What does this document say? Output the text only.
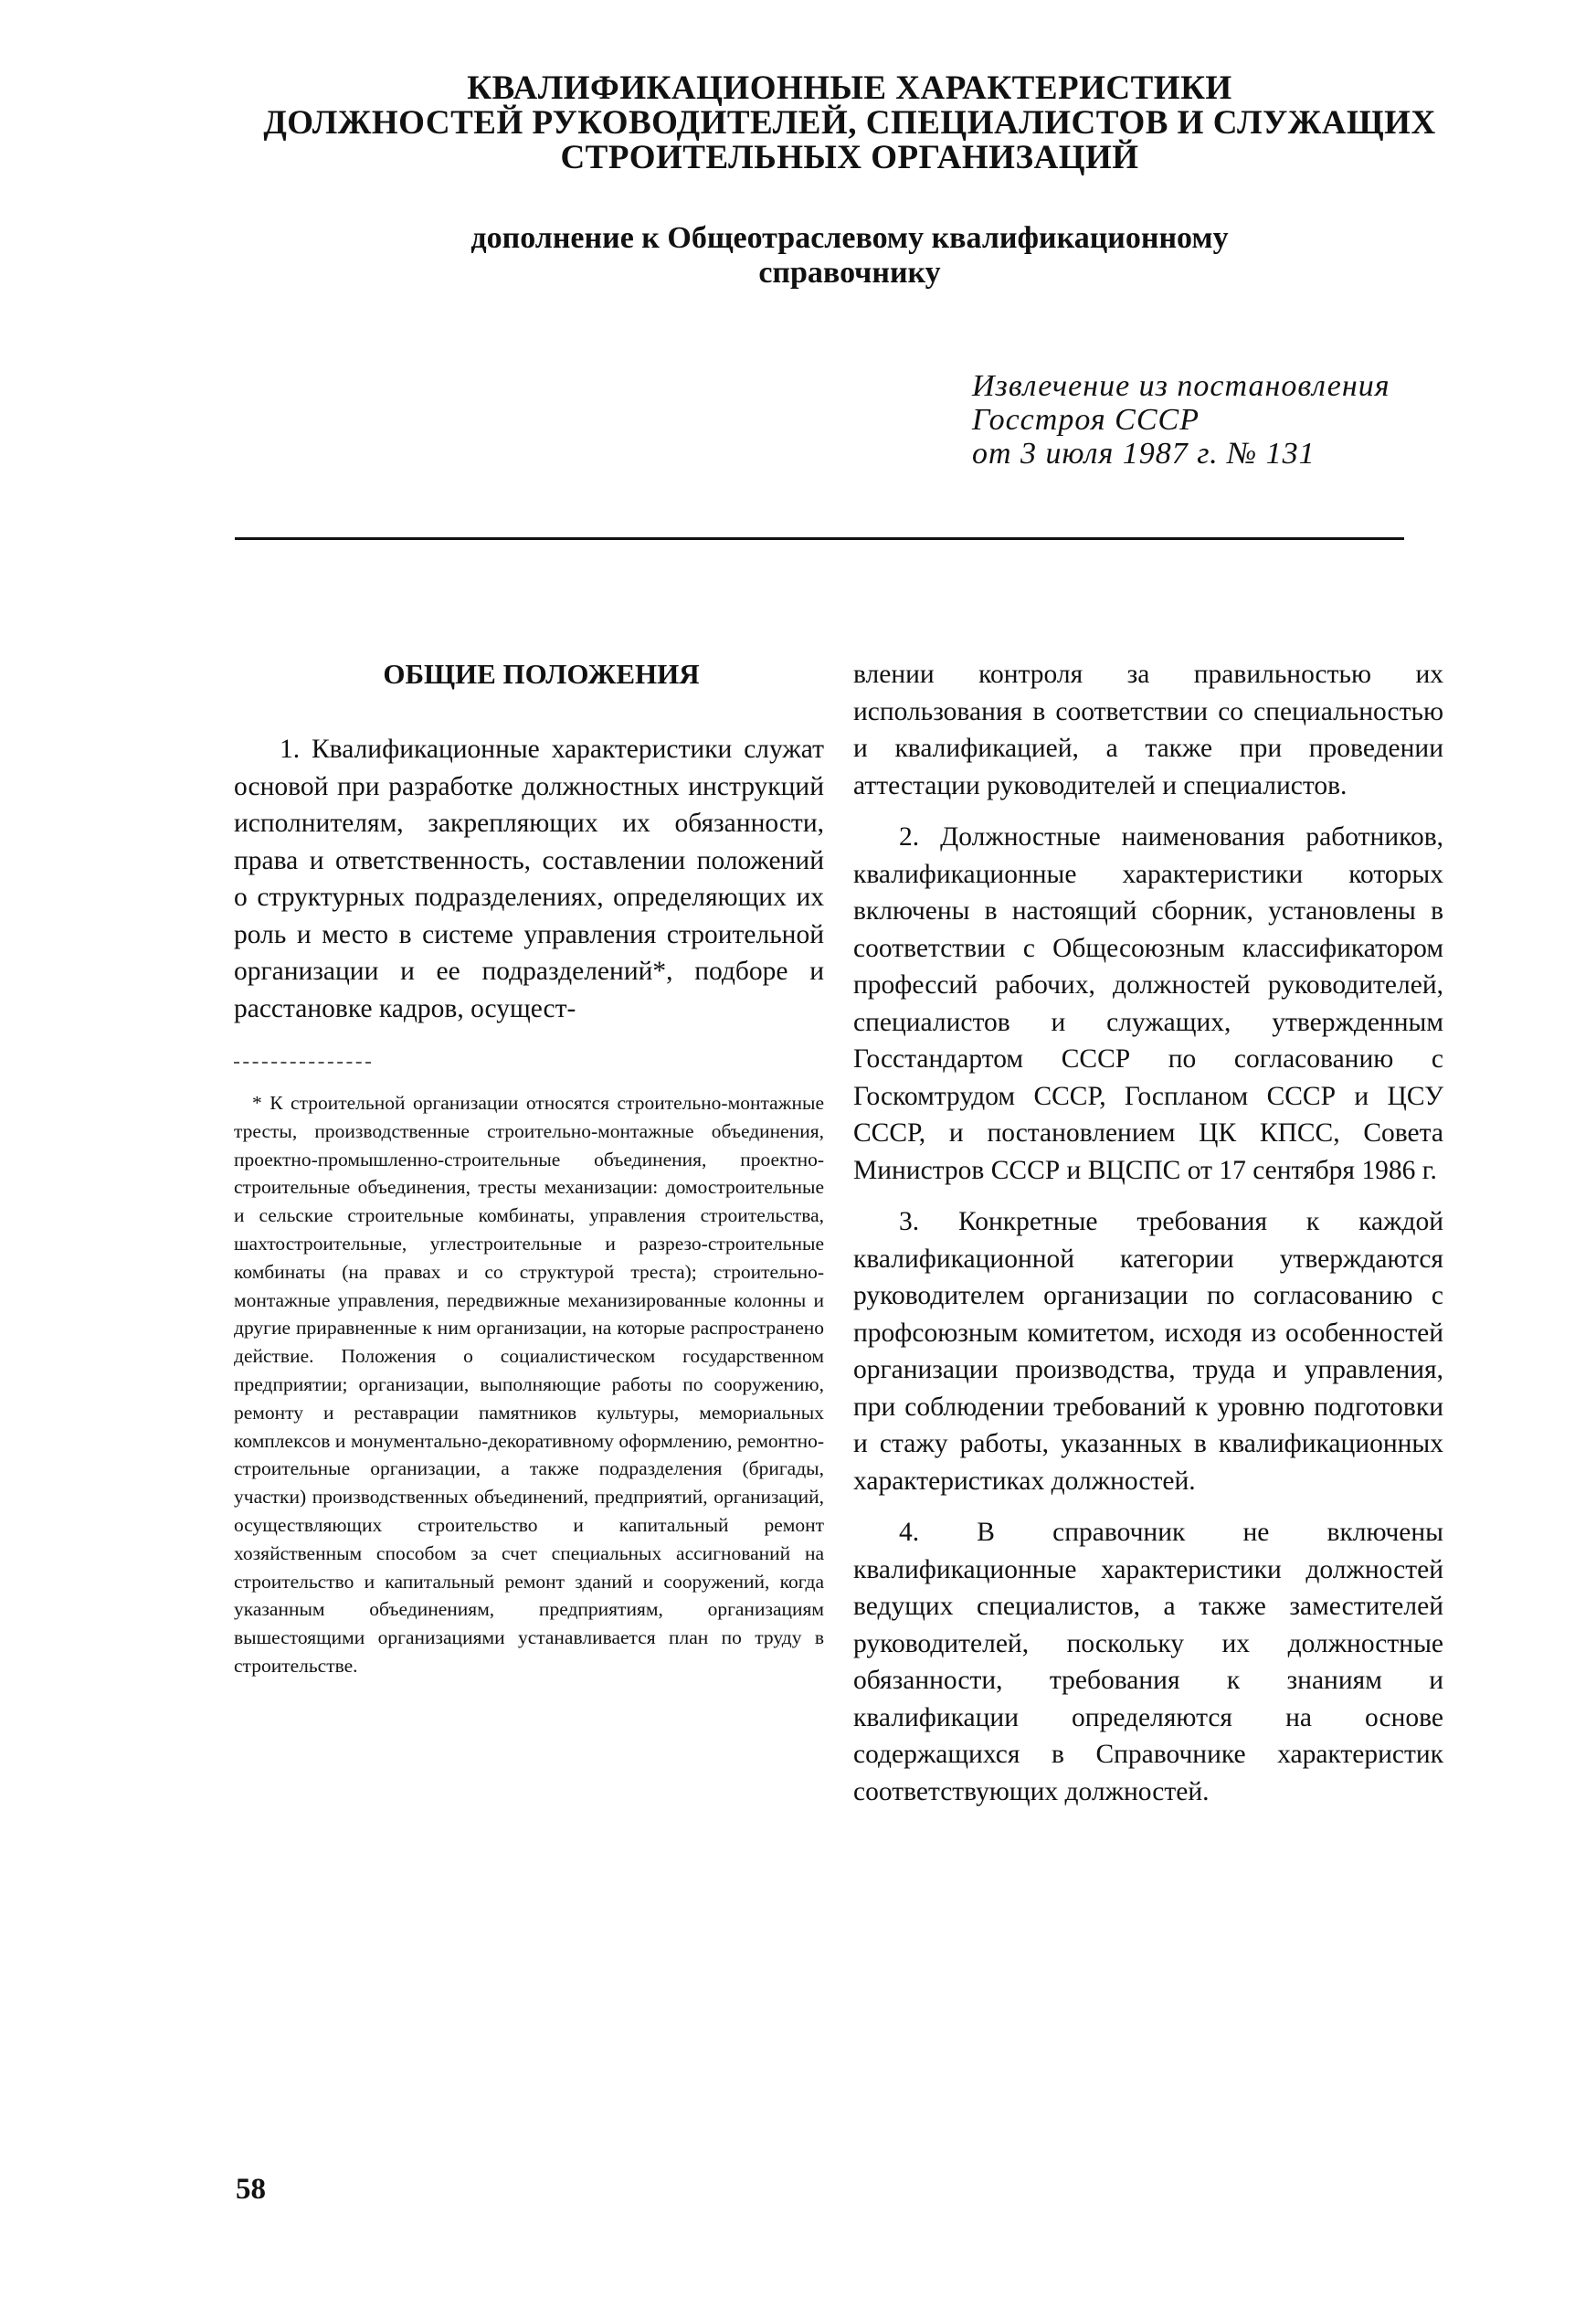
КВАЛИФИКАЦИОННЫЕ ХАРАКТЕРИСТИКИ
ДОЛЖНОСТЕЙ РУКОВОДИТЕЛЕЙ, СПЕЦИАЛИСТОВ И СЛУЖАЩИХ
СТРОИТЕЛЬНЫХ ОРГАНИЗАЦИЙ
дополнение к Общеотраслевому квалификационному
справочнику
Извлечение из постановления
Госстроя СССР
от 3 июля 1987 г. № 131
ОБЩИЕ ПОЛОЖЕНИЯ

1. Квалификационные характеристики служат основой при разработке должностных инструкций исполнителям, закрепляющих их обязанности, права и ответственность, составлении положений о структурных подразделениях, определяющих их роль и место в системе управления строительной организации и ее подразделений*, подборе и расстановке кадров, осущест-

* К строительной организации относятся строительно-монтажные тресты, производственные строительно-монтажные объединения, проектно-промышленно-строительные объединения, проектно-строительные объединения, тресты механизации: домостроительные и сельские строительные комбинаты, управления строительства, шахтостроительные, углестроительные и разрезо-строительные комбинаты (на правах и со структурой треста); строительно-монтажные управления, передвижные механизированные колонны и другие приравненные к ним организации, на которые распространено действие. Положения о социалистическом государственном предприятии; организации, выполняющие работы по сооружению, ремонту и реставрации памятников культуры, мемориальных комплексов и монументально-декоративному оформлению, ремонтно-строительные организации, а также подразделения (бригады, участки) производственных объединений, предприятий, организаций, осуществляющих строительство и капитальный ремонт хозяйственным способом за счет специальных ассигнований на строительство и капитальный ремонт зданий и сооружений, когда указанным объединениям, предприятиям, организациям вышестоящими организациями устанавливается план по труду в строительстве.

влении контроля за правильностью их использования в соответствии со специальностью и квалификацией, а также при проведении аттестации руководителей и специалистов.

2. Должностные наименования работников, квалификационные характеристики которых включены в настоящий сборник, установлены в соответствии с Общесоюзным классификатором профессий рабочих, должностей руководителей, специалистов и служащих, утвержденным Госстандартом СССР по согласованию с Госкомтрудом СССР, Госпланом СССР и ЦСУ СССР, и постановлением ЦК КПСС, Совета Министров СССР и ВЦСПС от 17 сентября 1986 г.

3. Конкретные требования к каждой квалификационной категории утверждаются руководителем организации по согласованию с профсоюзным комитетом, исходя из особенностей организации производства, труда и управления, при соблюдении требований к уровню подготовки и стажу работы, указанных в квалификационных характеристиках должностей.

4. В справочник не включены квалификационные характеристики должностей ведущих специалистов, а также заместителей руководителей, поскольку их должностные обязанности, требования к знаниям и квалификации определяются на основе содержащихся в Справочнике характеристик соответствующих должностей.

58
